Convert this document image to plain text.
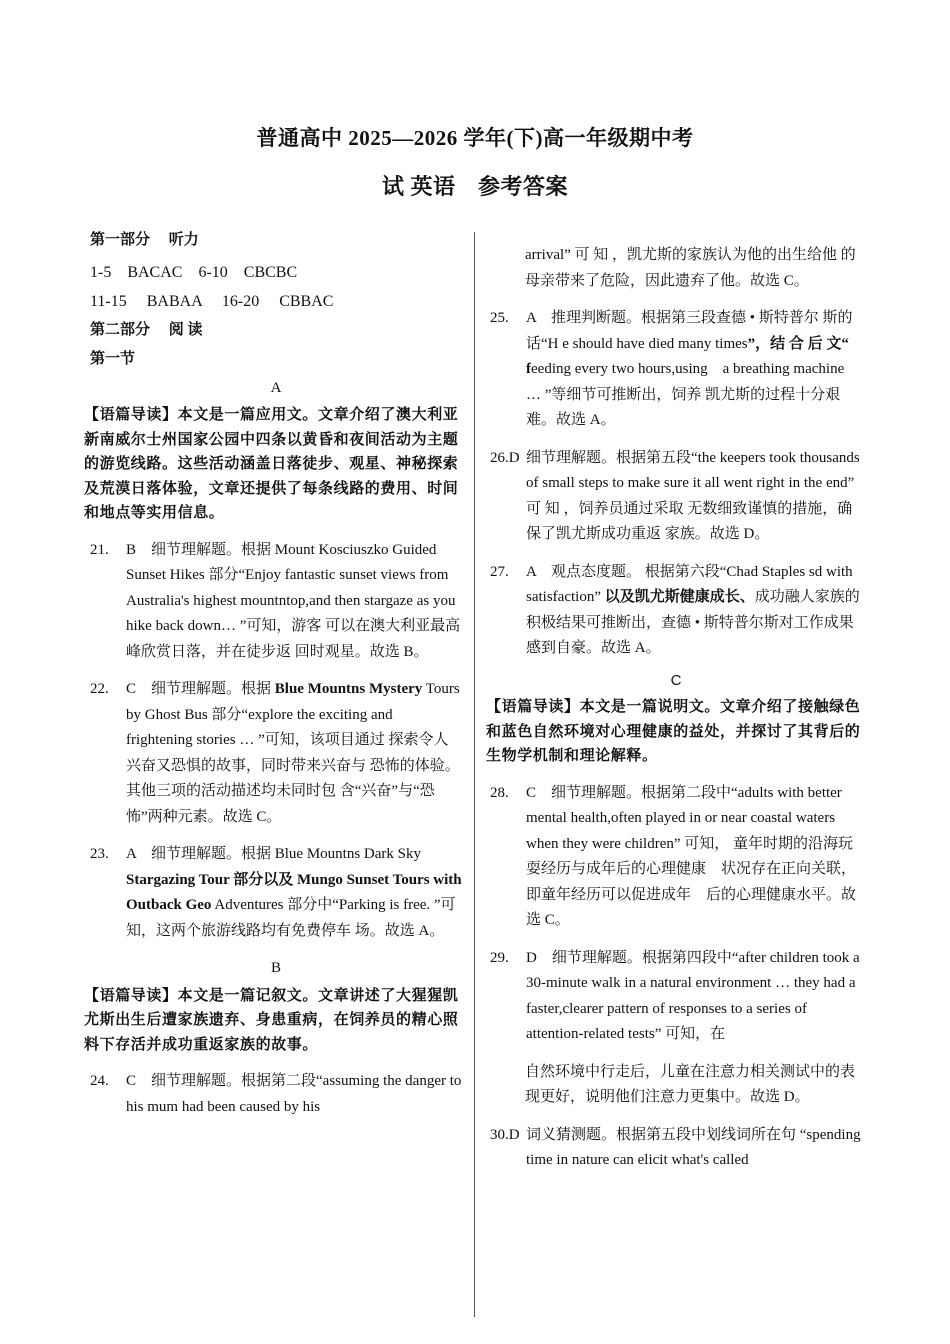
普通高中 2025—2026 学年(下)高一年级期中考
试 英语　参考答案

第一部分　 听力

1-5　BACAC　6-10　CBCBC

11-15　 BABAA　 16-20　 CBBAC

第二部分　 阅 读

第一节

A

【语篇导读】本文是一篇应用文。文章介绍了澳大利亚新南威尔士州国家公园中四条以黄昏和夜间活动为主题的游览线路。这些活动涵盖日落徒步、观星、神秘探索及荒漠日落体验，文章还提供了每条线路的费用、时间和地点等实用信息。

21.	B　细节理解题。根据 Mount Kosciuszko Guided Sunset Hikes 部分“Enjoy fantastic sunset views from Australia's highest mountntop,and then stargaze as you hike back down… ”可知，游客 可以在澳大利亚最高峰欣赏日落，并在徒步返 回时观星。故选 B。
22.	C　细节理解题。根据 Blue Mountns Mystery Tours by Ghost Bus 部分“explore the exciting and frightening stories … ”可知，该项目通过 探索令人兴奋又恐惧的故事，同时带来兴奋与 恐怖的体验。其他三项的活动描述均未同时包 含“兴奋”与“恐怖”两种元素。故选 C。
23.	A　细节理解题。根据 Blue Mountns Dark Sky Stargazing Tour 部分以及 Mungo Sunset Tours with Outback Geo Adventures 部分中“Parking is free. ”可知，这两个旅游线路均有免费停车 场。故选 A。

B

【语篇导读】本文是一篇记叙文。文章讲述了大猩猩凯尤斯出生后遭家族遗弃、身患重病，在饲养员的精心照料下存活并成功重返家族的故事。

24.	C　细节理解题。根据第二段“assuming the danger to his mum had been caused by his

arrival” 可 知 ，凯尤斯的家族认为他的出生给他 的母亲带来了危险，因此遗弃了他。故选 C。

25.	A　推理判断题。根据第三段查德 • 斯特普尔 斯的话“H e should have died many times”，结 合 后 文“ feeding every two hours,using　a breathing machine … ”等细节可推断出，饲养 凯尤斯的过程十分艰难。故选 A。
26.D 细节理解题。根据第五段“the keepers took thousands of small steps to make sure it all went right in the end” 可 知 ，饲养员通过采取 无数细致谨慎的措施，确保了凯尤斯成功重返 家族。故选 D。
27.	A　观点态度题。 根据第六段“Chad Staples sd with satisfaction” 以及凯尤斯健康成长、成功融人家族的积极结果可推断出，查德 • 斯特普尔斯对工作成果感到自豪。故选 A。

C

【语篇导读】本文是一篇说明文。文章介绍了接触绿色和蓝色自然环境对心理健康的益处，并探讨了其背后的生物学机制和理论解释。

28.	C　细节理解题。根据第二段中“adults with better mental health,often played in or near coastal waters when they were children” 可知， 童年时期的沿海玩耍经历与成年后的心理健康　状况存在正向关联，即童年经历可以促进成年　后的心理健康水平。故选 C。
29.	D　细节理解题。根据第四段中“after children took a 30-minute walk in a natural environment … they had a faster,clearer pattern of responses to a series of attention-related tests” 可知，在

自然环境中行走后，儿童在注意力相关测试中的表现更好，说明他们注意力更集中。故选 D。

30.D 词义猜测题。根据第五段中划线词所在句 “spending time in nature can elicit what's called
